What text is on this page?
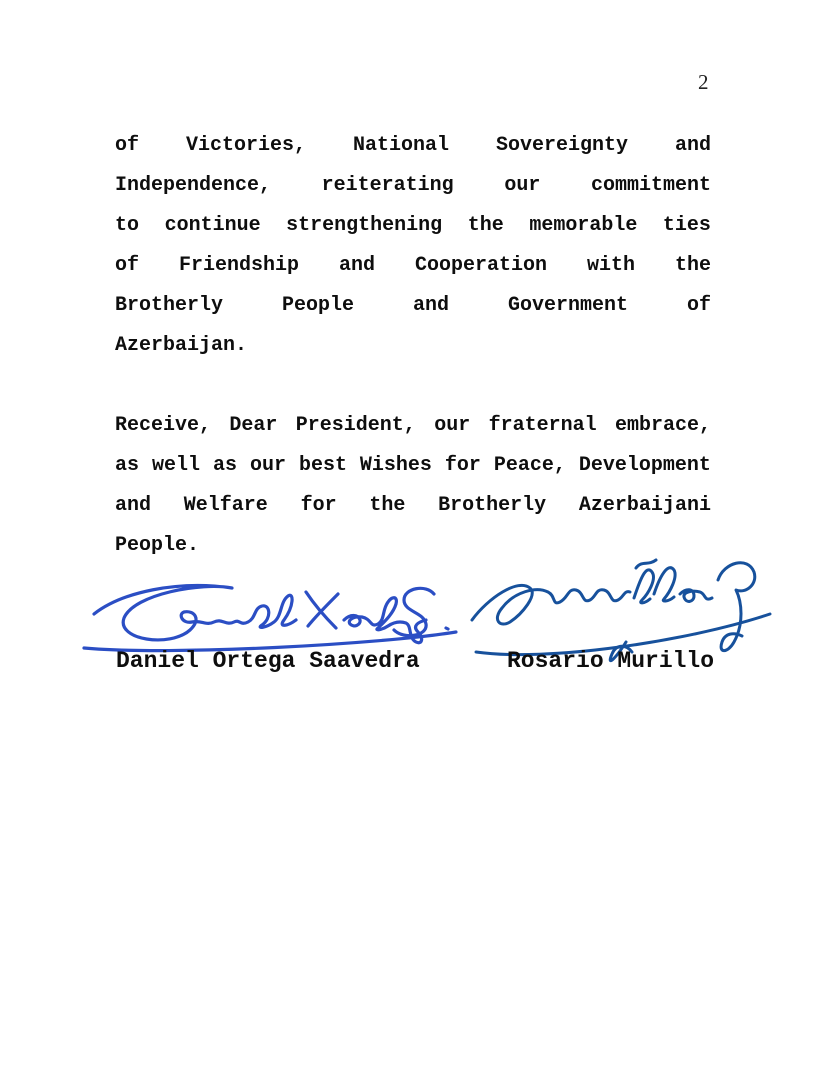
2
of Victories, National Sovereignty and
Independence,	reiterating	our	commitment
to continue strengthening the memorable ties
of Friendship and Cooperation with the
Brotherly	People	and	Government	of
Azerbaijan.
Receive, Dear President, our fraternal embrace,
as well as our best Wishes for Peace, Development
and Welfare for the Brotherly Azerbaijani
People.
Daniel Ortega Saavedra	Rosario Murillo
